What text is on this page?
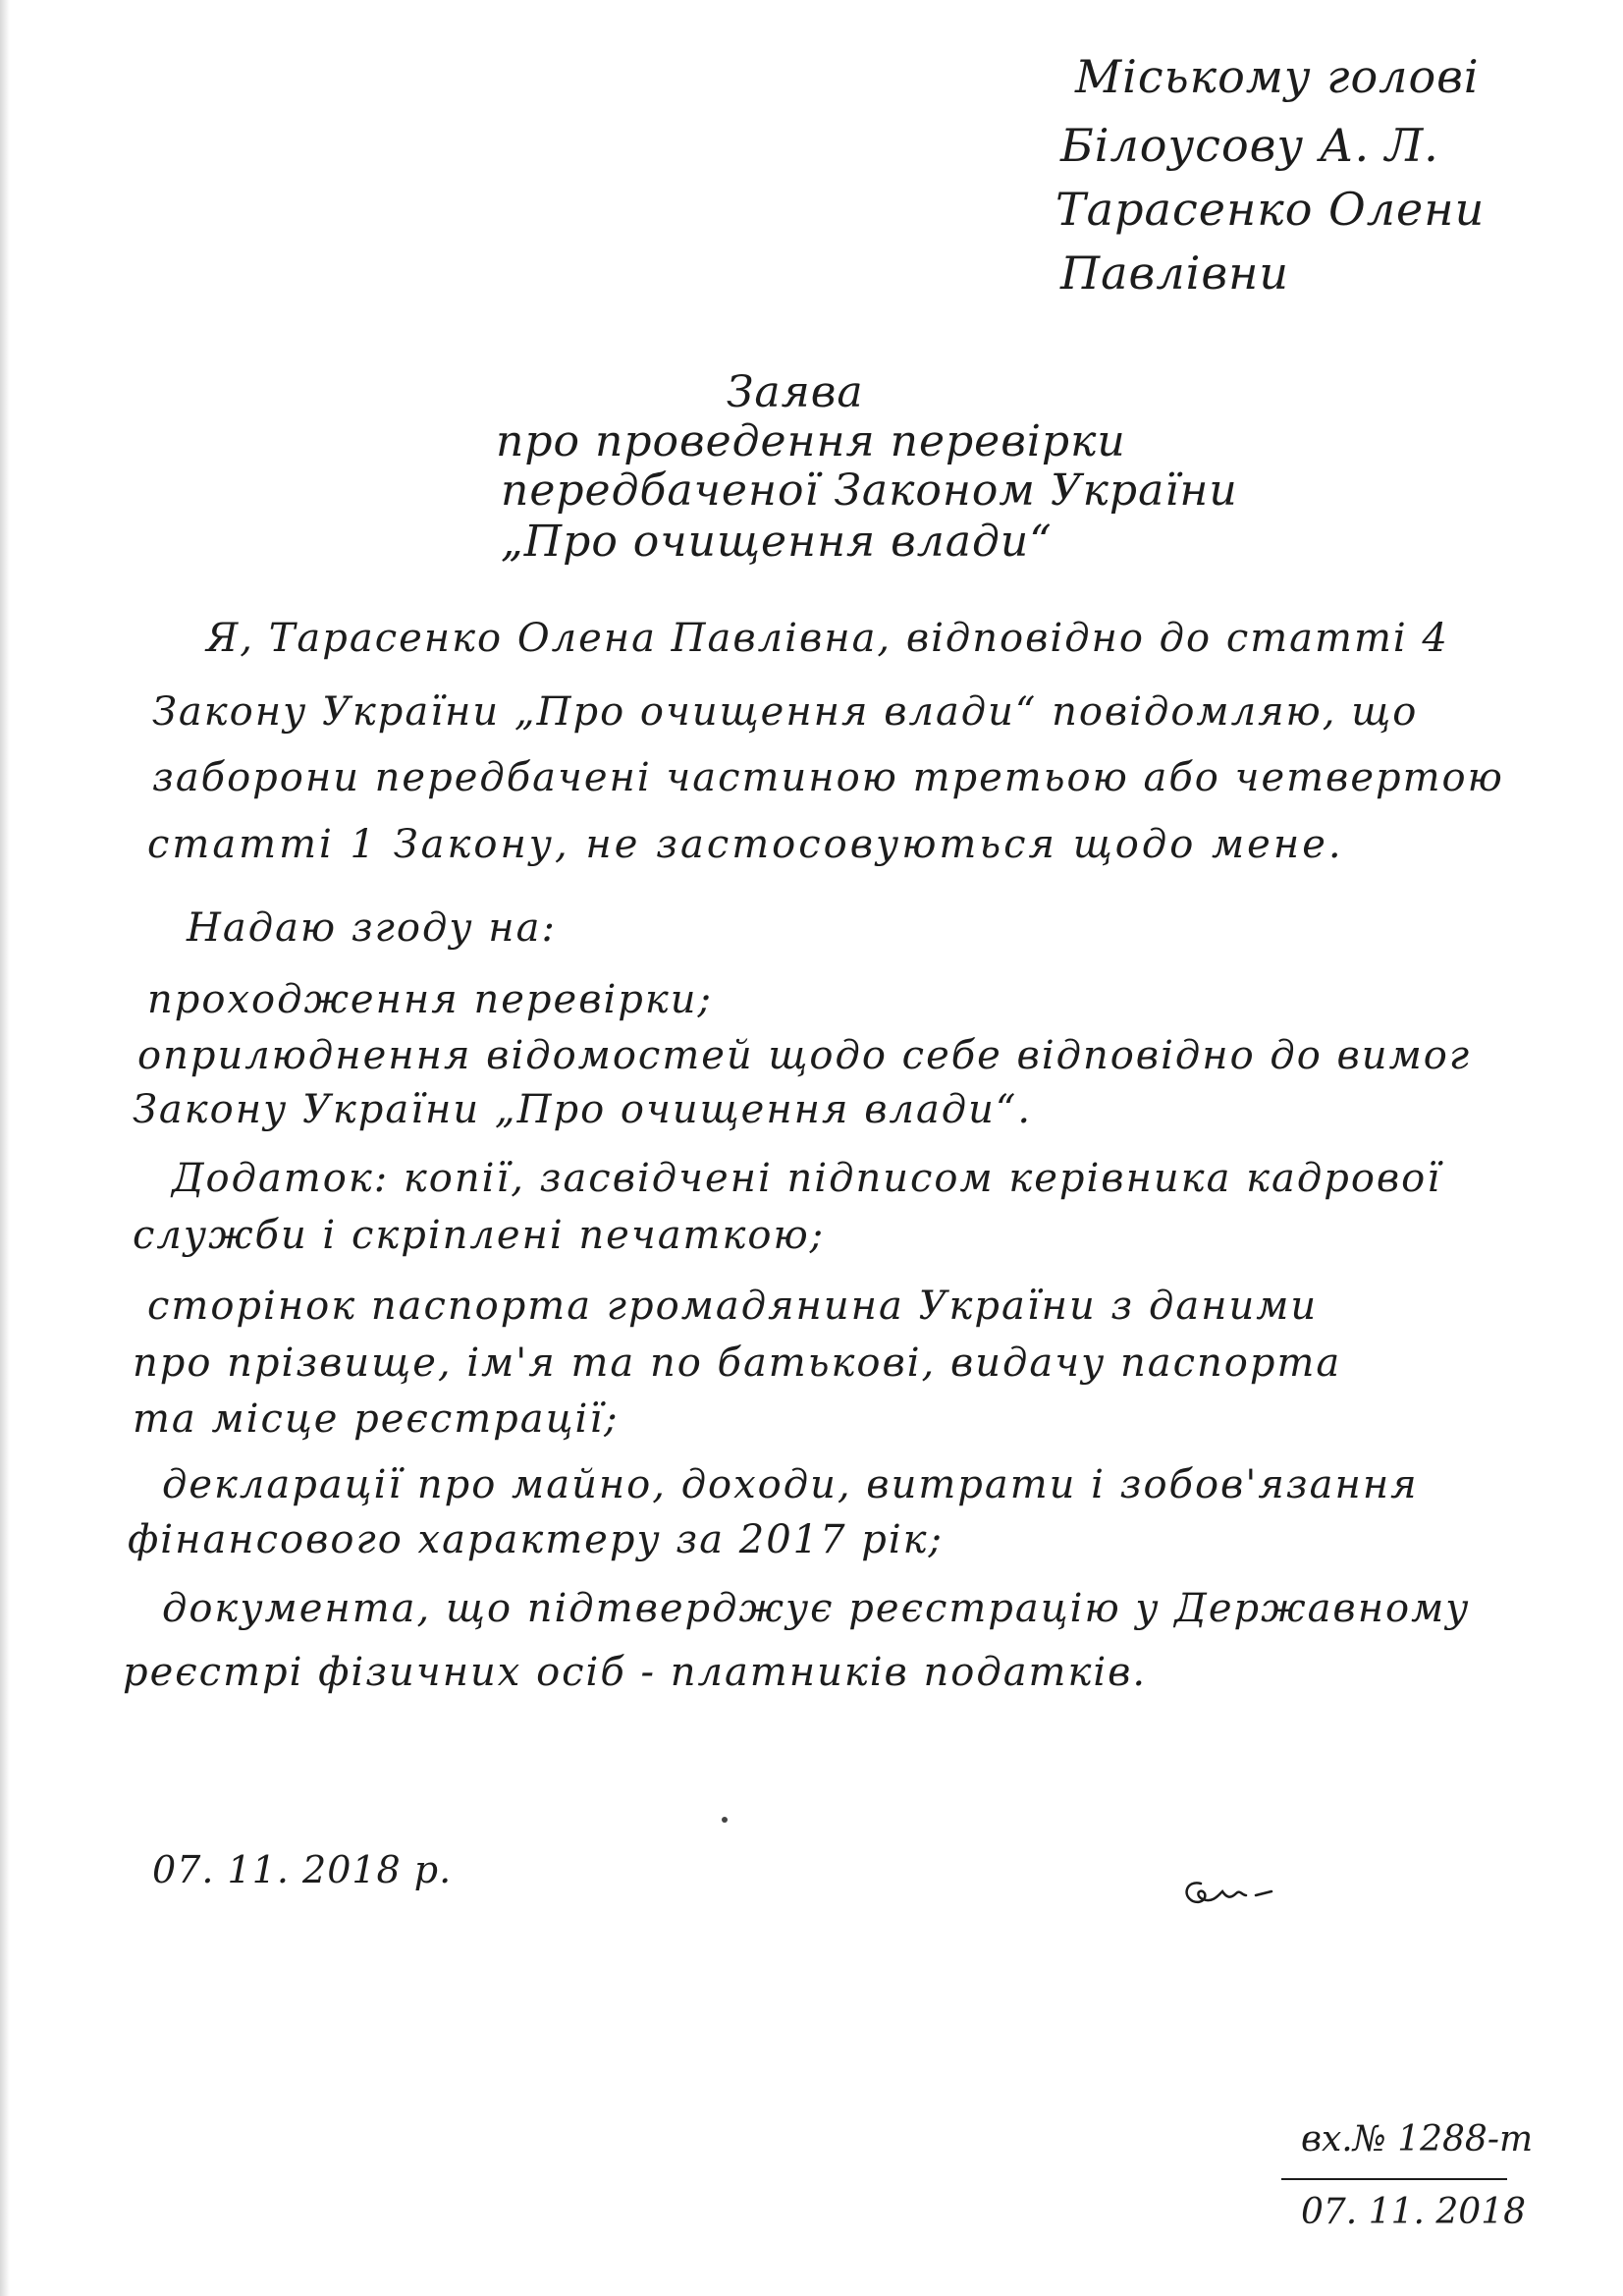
Міському голові
Білоусову А. Л.
Тарасенко Олени
Павлівни
Заява
про проведення перевірки
передбаченої Законом України
„Про очищення влади“
Я, Тарасенко Олена Павлівна, відповідно до статті 4
Закону України „Про очищення влади“ повідомляю, що
заборони передбачені частиною третьою або четвертою
статті 1 Закону, не застосовуються щодо мене.
Надаю згоду на:
проходження перевірки;
оприлюднення відомостей щодо себе відповідно до вимог
Закону України „Про очищення влади“.
Додаток: копії, засвідчені підписом керівника кадрової
служби і скріплені печаткою;
сторінок паспорта громадянина України з даними
про прізвище, ім'я та по батькові, видачу паспорта
та місце реєстрації;
декларації про майно, доходи, витрати і зобов'язання
фінансового характеру за 2017 рік;
документа, що підтверджує реєстрацію у Державному
реєстрі фізичних осіб - платників податків.
07. 11. 2018 р.
вх.№ 1288-т
07. 11. 2018
